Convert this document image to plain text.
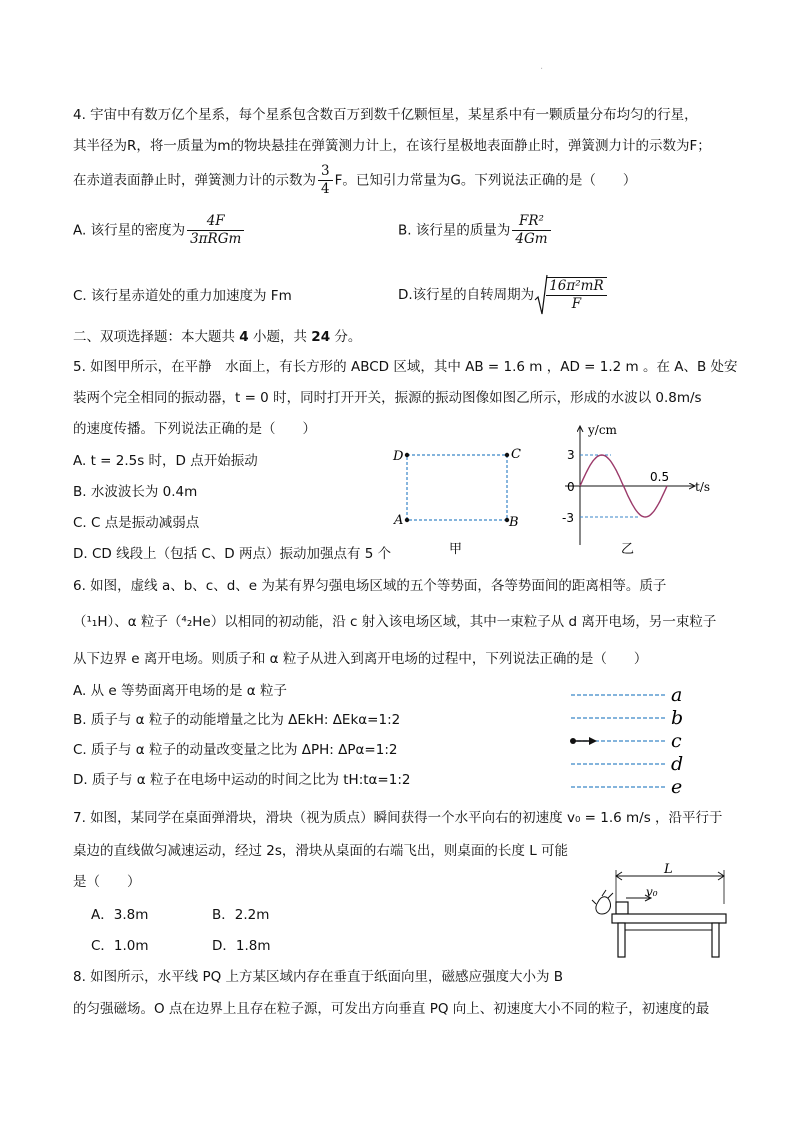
·
4. 宇宙中有数万亿个星系，每个星系包含数百万到数千亿颗恒星，某星系中有一颗质量分布均匀的行星，
其半径为R，将一质量为m的物块悬挂在弹簧测力计上，在该行星极地表面静止时，弹簧测力计的示数为F；
在赤道表面静止时，弹簧测力计的示数为 $\frac{3}{4}$ F。已知引力常量为G。下列说法正确的是（　　）
A. 该行星的密度为 $\frac{4F}{\text{3πRGm}}$	B. 该行星的质量为 $\frac{\text{FR²}}{4Gm}$
C. 该行星赤道处的重力加速度为 Fm	D.该行星的自转周期为 $\frac{\text{16π²mR}}{F}$
二、双项选择题：本大题共 4 小题，共 24 分。
5. 如图甲所示，在平静　水面上，有长方形的 ABCD 区域，其中 AB = 1.6 m ，AD = 1.2 m 。在 A、B 处安
装两个完全相同的振动器，t = 0 时，同时打开开关，振源的振动图像如图乙所示，形成的水波以 0.8m/s
的速度传播。下列说法正确的是（　　）
A. t = 2.5s 时，D 点开始振动
B. 水波波长为 0.4m
C. C 点是振动减弱点
D. CD 线段上（包括 C、D 两点）振动加强点有 5 个
D	C
A	B
甲
y/cm
t/s
3
0
-3
0.5
乙
6. 如图，虚线 a、b、c、d、e 为某有界匀强电场区域的五个等势面，各等势面间的距离相等。质子
（¹₁H）、α 粒子（⁴₂He）以相同的初动能，沿 c 射入该电场区域，其中一束粒子从 d 离开电场，另一束粒子
从下边界 e 离开电场。则质子和 α 粒子从进入到离开电场的过程中，下列说法正确的是（　　）
A. 从 e 等势面离开电场的是 α 粒子
B. 质子与 α 粒子的动能增量之比为 ΔEkH: ΔEkα=1:2
C. 质子与 α 粒子的动量改变量之比为 ΔPH: ΔPα=1:2
D. 质子与 α 粒子在电场中运动的时间之比为 tH:tα=1:2
a
b
c
d
e
7. 如图，某同学在桌面弹滑块，滑块（视为质点）瞬间获得一个水平向右的初速度 v₀ = 1.6 m/s ，沿平行于
桌边的直线做匀减速运动，经过 2s，滑块从桌面的右端飞出，则桌面的长度 L 可能
是（　　）
A．3.8m	B．2.2m
C．1.0m	D．1.8m
L
v₀
8. 如图所示，水平线 PQ 上方某区域内存在垂直于纸面向里，磁感应强度大小为 B
的匀强磁场。O 点在边界上且存在粒子源，可发出方向垂直 PQ 向上、初速度大小不同的粒子，初速度的最
